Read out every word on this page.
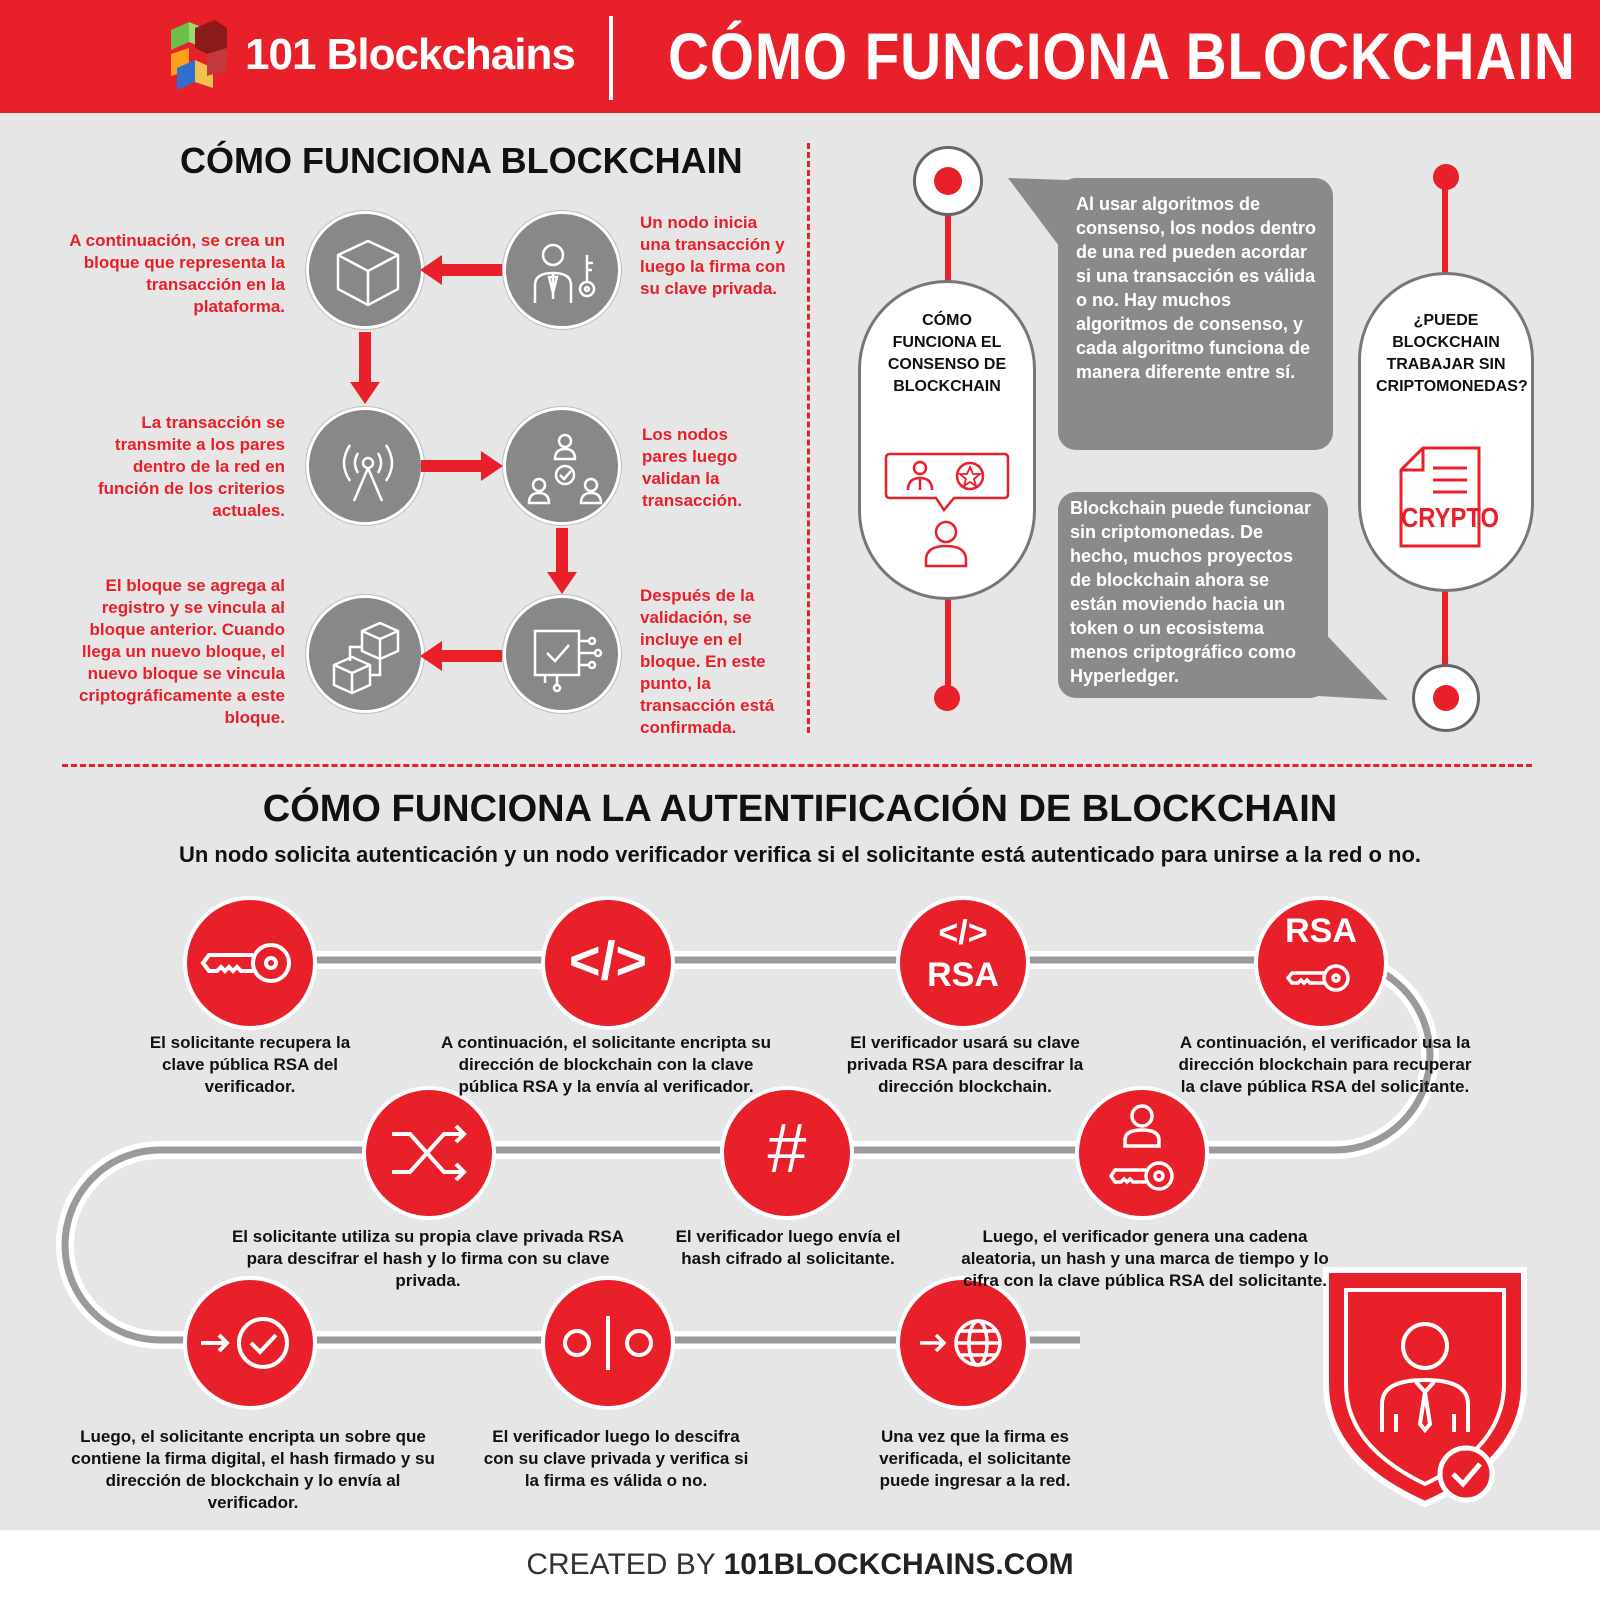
101 Blockchains CÓMO FUNCIONA BLOCKCHAIN
CÓMO FUNCIONA BLOCKCHAIN
Un nodo inicia una transacción y luego la firma con su clave privada.
A continuación, se crea un bloque que representa la transacción en la plataforma.
La transacción se transmite a los pares dentro de la red en función de los criterios actuales.
Los nodos pares luego validan la transacción.
Después de la validación, se incluye en el bloque. En este punto, la transacción está confirmada.
El bloque se agrega al registro y se vincula al bloque anterior. Cuando llega un nuevo bloque, el nuevo bloque se vincula criptográficamente a este bloque.
CÓMO FUNCIONA EL CONSENSO DE BLOCKCHAIN
Al usar algoritmos de consenso, los nodos dentro de una red pueden acordar si una transacción es válida o no. Hay muchos algoritmos de consenso, y cada algoritmo funciona de manera diferente entre sí.
¿PUEDE BLOCKCHAIN TRABAJAR SIN CRIPTOMONEDAS?
CRYPTO
Blockchain puede funcionar sin criptomonedas. De hecho, muchos proyectos de blockchain ahora se están moviendo hacia un token o un ecosistema menos criptográfico como Hyperledger.
CÓMO FUNCIONA LA AUTENTIFICACIÓN DE BLOCKCHAIN
Un nodo solicita autenticación y un nodo verificador verifica si el solicitante está autenticado para unirse a la red o no.
</>	</>
RSA
RSA
#
El solicitante recupera la clave pública RSA del verificador.
A continuación, el solicitante encripta su dirección de blockchain con la clave pública RSA y la envía al verificador.
El verificador usará su clave privada RSA para descifrar la dirección blockchain.
A continuación, el verificador usa la dirección blockchain para recuperar la clave pública RSA del solicitante.
Luego, el verificador genera una cadena aleatoria, un hash y una marca de tiempo y lo cifra con la clave pública RSA del solicitante.
El verificador luego envía el hash cifrado al solicitante.
El solicitante utiliza su propia clave privada RSA para descifrar el hash y lo firma con su clave privada.
Luego, el solicitante encripta un sobre que contiene la firma digital, el hash firmado y su dirección de blockchain y lo envía al verificador.
El verificador luego lo descifra con su clave privada y verifica si la firma es válida o no.
Una vez que la firma es verificada, el solicitante puede ingresar a la red.
CREATED BY 101BLOCKCHAINS.COM
